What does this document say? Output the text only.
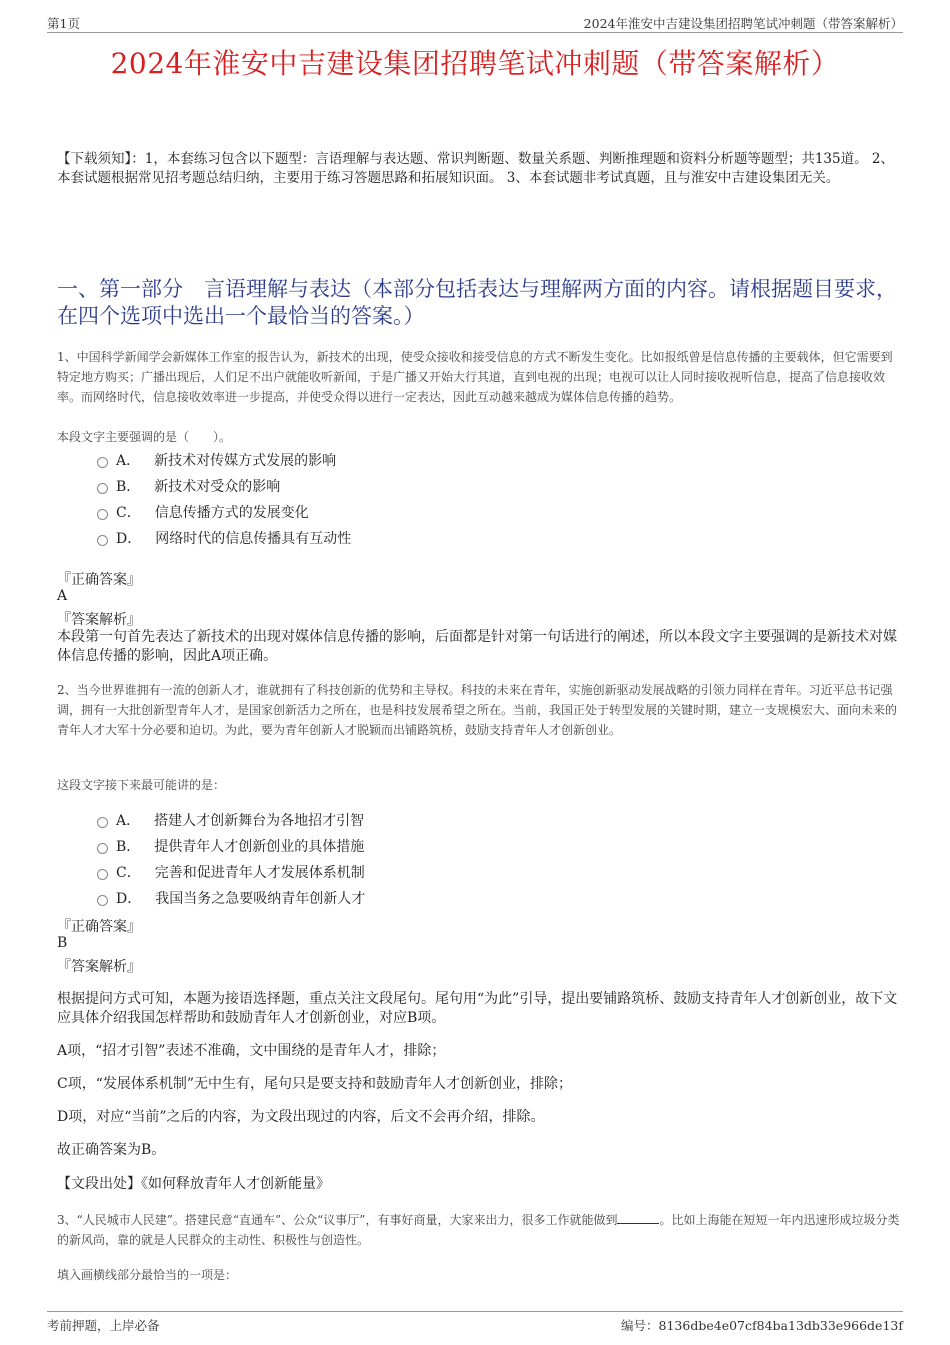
第1页	2024年淮安中吉建设集团招聘笔试冲刺题（带答案解析）
2024年淮安中吉建设集团招聘笔试冲刺题（带答案解析）
【下载须知】：1，本套练习包含以下题型：言语理解与表达题、常识判断题、数量关系题、判断推理题和资料分析题等题型；共135道。 2、本套试题根据常见招考题总结归纳，主要用于练习答题思路和拓展知识面。 3、本套试题非考试真题，且与淮安中吉建设集团无关。
一、第一部分　言语理解与表达（本部分包括表达与理解两方面的内容。请根据题目要求，在四个选项中选出一个最恰当的答案。）
1、中国科学新闻学会新媒体工作室的报告认为，新技术的出现，使受众接收和接受信息的方式不断发生变化。比如报纸曾是信息传播的主要载体，但它需要到特定地方购买；广播出现后，人们足不出户就能收听新闻，于是广播又开始大行其道，直到电视的出现；电视可以让人同时接收视听信息，提高了信息接收效率。而网络时代，信息接收效率进一步提高，并使受众得以进行一定表达，因此互动越来越成为媒体信息传播的趋势。
本段文字主要强调的是（　　）。
A． 新技术对传媒方式发展的影响
B． 新技术对受众的影响
C． 信息传播方式的发展变化
D． 网络时代的信息传播具有互动性
『正确答案』
A
『答案解析』
本段第一句首先表达了新技术的出现对媒体信息传播的影响，后面都是针对第一句话进行的阐述，所以本段文字主要强调的是新技术对媒体信息传播的影响，因此A项正确。
2、当今世界谁拥有一流的创新人才，谁就拥有了科技创新的优势和主导权。科技的未来在青年，实施创新驱动发展战略的引领力同样在青年。习近平总书记强调，拥有一大批创新型青年人才，是国家创新活力之所在，也是科技发展希望之所在。当前，我国正处于转型发展的关键时期，建立一支规模宏大、面向未来的青年人才大军十分必要和迫切。为此，要为青年创新人才脱颖而出铺路筑桥，鼓励支持青年人才创新创业。
这段文字接下来最可能讲的是：
A． 搭建人才创新舞台为各地招才引智
B． 提供青年人才创新创业的具体措施
C． 完善和促进青年人才发展体系机制
D． 我国当务之急要吸纳青年创新人才
『正确答案』
B
『答案解析』
根据提问方式可知，本题为接语选择题，重点关注文段尾句。尾句用“为此”引导，提出要铺路筑桥、鼓励支持青年人才创新创业，故下文应具体介绍我国怎样帮助和鼓励青年人才创新创业，对应B项。
A项，“招才引智”表述不准确，文中围绕的是青年人才，排除；
C项，“发展体系机制”无中生有，尾句只是要支持和鼓励青年人才创新创业，排除；
D项，对应“当前”之后的内容，为文段出现过的内容，后文不会再介绍，排除。
故正确答案为B。
【文段出处】《如何释放青年人才创新能量》
3、“人民城市人民建”。搭建民意“直通车”、公众“议事厅”，有事好商量，大家来出力，很多工作就能做到	。比如上海能在短短一年内迅速形成垃圾分类的新风尚，靠的就是人民群众的主动性、积极性与创造性。
填入画横线部分最恰当的一项是：
考前押题，上岸必备	编号：8136dbe4e07cf84ba13db33e966de13f
